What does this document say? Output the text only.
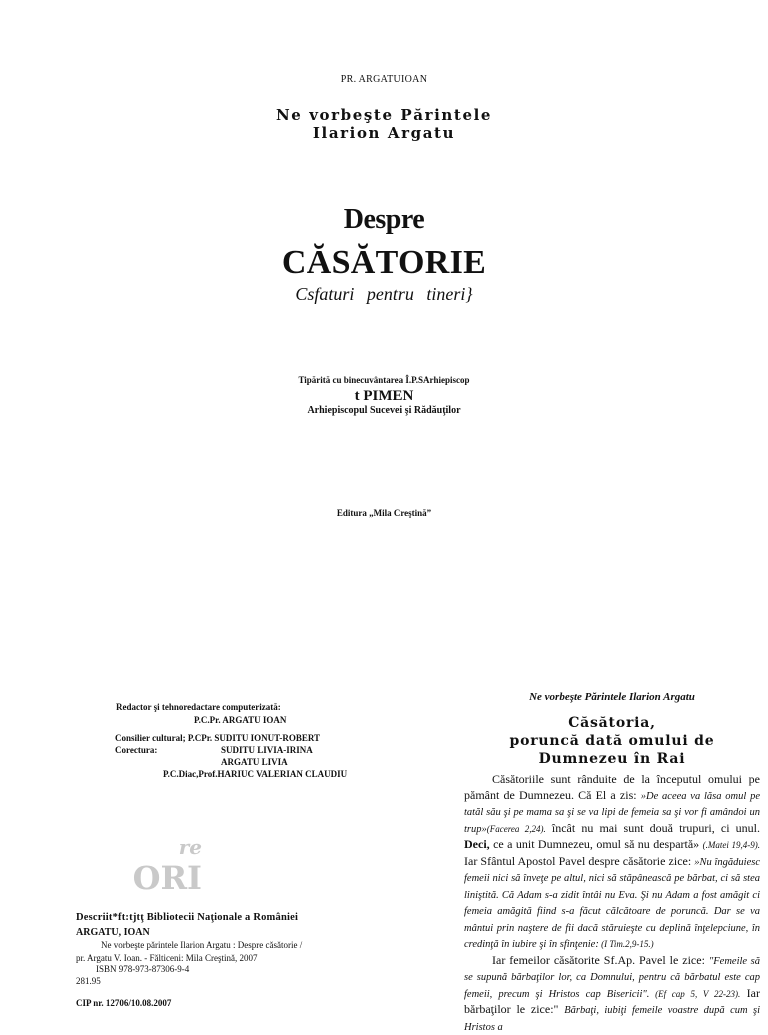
PR. ARGATUIOAN
Ne vorbeşte Părintele
Ilarion Argatu
Despre
CĂSĂTORIE
Csfaturi pentru tineri}
Tipărită cu binecuvântarea Î.P.SArhiepiscop
t PIMEN
Arhiepiscopul Sucevei şi Rădăuţilor
Editura „Mila Creştină”
Redactor şi tehnoredactare computerizată:
P.C.Pr. ARGATU IOAN
Consilier cultural; P.CPr. SUDITU IONUT-ROBERT
Corectura:	SUDITU LIVIA-IRINA
ARGATU LIVIA
P.C.Diac,Prof.HARIUC VALERIAN CLAUDIU
re
ORI
Descriit*ft:tjtţ Bibliotecii Naţionale a României
ARGATU, IOAN
Ne vorbeşte părintele Ilarion Argatu : Despre căsătorie /
pr. Argatu V. Ioan. - Fălticeni: Mila Creştină, 2007
ISBN 978-973-87306-9-4
281.95
CIP nr. 12706/10.08.2007
Ne vorbeşte Părintele Ilarion Argatu
Căsătoria,
poruncă dată omului de
Dumnezeu în Rai

Căsătoriile sunt rânduite de la începutul omului pe pământ de Dumnezeu. Că El a zis: »De aceea va lăsa omul pe tatăl său şi pe mama sa şi se va lipi de femeia sa şi vor fi amândoi un trup»(Facerea 2,24). încât nu mai sunt două trupuri, ci unul. Deci, ce a unit Dumnezeu, omul să nu despartă» (.Matei 19,4-9). Iar Sfântul Apostol Pavel despre căsătorie zice: »Nu îngăduiesc femeii nici să înveţe pe altul, nici să stăpânească pe bărbat, ci să stea liniştită. Că Adam s-a zidit întâi nu Eva. Şi nu Adam a fost amăgit ci femeia amăgită fiind s-a făcut călcătoare de poruncă. Dar se va mântui prin naştere de fii dacă stăruieşte cu deplină înţelepciune, în credinţă în iubire şi în sfinţenie: (I Tim.2,9-15.)

Iar femeilor căsătorite Sf.Ap. Pavel le zice: "Femeile să se supună bărbaţilor lor, ca Domnului, pentru că bărbatul este cap femeii, precum şi Hristos cap Bisericii". (Ef cap 5, V 22-23). Iar bărbaţilor le zice:" Bărbaţi, iubiţi femeile voastre după cum şi Hristos a
